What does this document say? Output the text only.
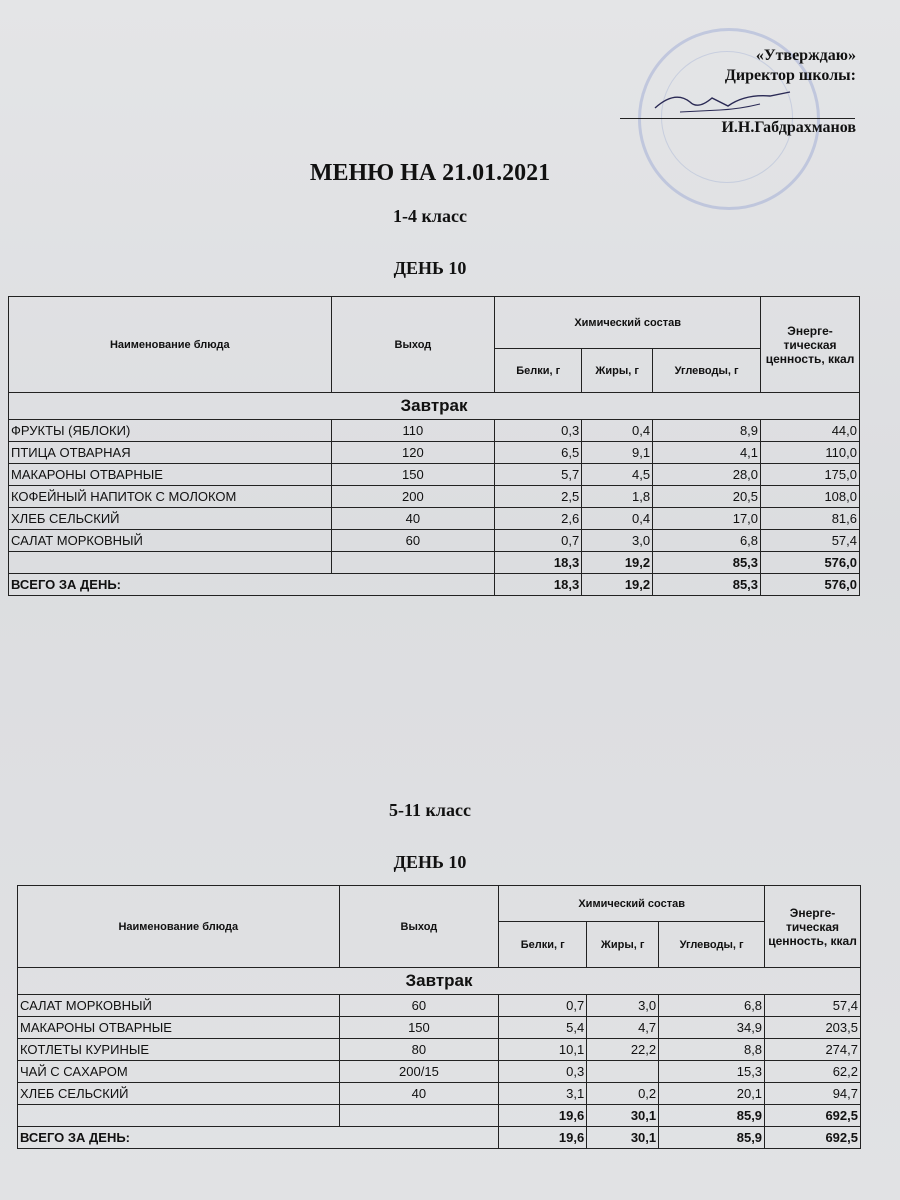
«Утверждаю»
Директор школы:
И.Н.Габдрахманов
МЕНЮ НА 21.01.2021
1-4 класс
ДЕНЬ 10
Наименование блюда	Выход	Химический состав			Энерге-тическая ценность, ккал
		Белки, г	Жиры, г	Углеводы, г	
Завтрак					
ФРУКТЫ (ЯБЛОКИ)	110	0,3	0,4	8,9	44,0
ПТИЦА ОТВАРНАЯ	120	6,5	9,1	4,1	110,0
МАКАРОНЫ ОТВАРНЫЕ	150	5,7	4,5	28,0	175,0
КОФЕЙНЫЙ НАПИТОК С МОЛОКОМ	200	2,5	1,8	20,5	108,0
ХЛЕБ СЕЛЬСКИЙ	40	2,6	0,4	17,0	81,6
САЛАТ МОРКОВНЫЙ	60	0,7	3,0	6,8	57,4
		18,3	19,2	85,3	576,0
ВСЕГО ЗА ДЕНЬ:		18,3	19,2	85,3	576,0
5-11 класс
ДЕНЬ 10
Наименование блюда	Выход	Химический состав			Энерге-тическая ценность, ккал
		Белки, г	Жиры, г	Углеводы, г	
Завтрак					
САЛАТ МОРКОВНЫЙ	60	0,7	3,0	6,8	57,4
МАКАРОНЫ ОТВАРНЫЕ	150	5,4	4,7	34,9	203,5
КОТЛЕТЫ КУРИНЫЕ	80	10,1	22,2	8,8	274,7
ЧАЙ С САХАРОМ	200/15	0,3		15,3	62,2
ХЛЕБ СЕЛЬСКИЙ	40	3,1	0,2	20,1	94,7
		19,6	30,1	85,9	692,5
ВСЕГО ЗА ДЕНЬ:		19,6	30,1	85,9	692,5
